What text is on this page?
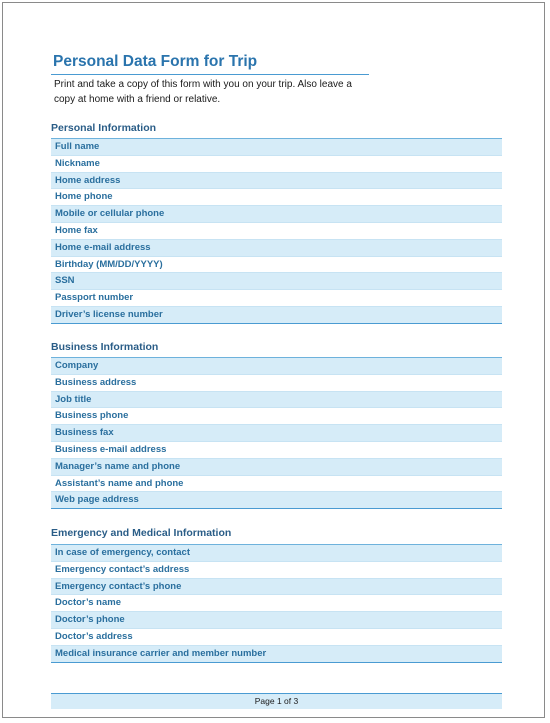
Personal Data Form for Trip
Print and take a copy of this form with you on your trip. Also leave a copy at home with a friend or relative.
Personal Information
Full name
Nickname
Home address
Home phone
Mobile or cellular phone
Home fax
Home e-mail address
Birthday (MM/DD/YYYY)
SSN
Passport number
Driver’s license number
Business Information
Company
Business address
Job title
Business phone
Business fax
Business e-mail address
Manager’s name and phone
Assistant’s name and phone
Web page address
Emergency and Medical Information
In case of emergency, contact
Emergency contact’s address
Emergency contact’s phone
Doctor’s name
Doctor’s phone
Doctor’s address
Medical insurance carrier and member number
Page 1 of 3
